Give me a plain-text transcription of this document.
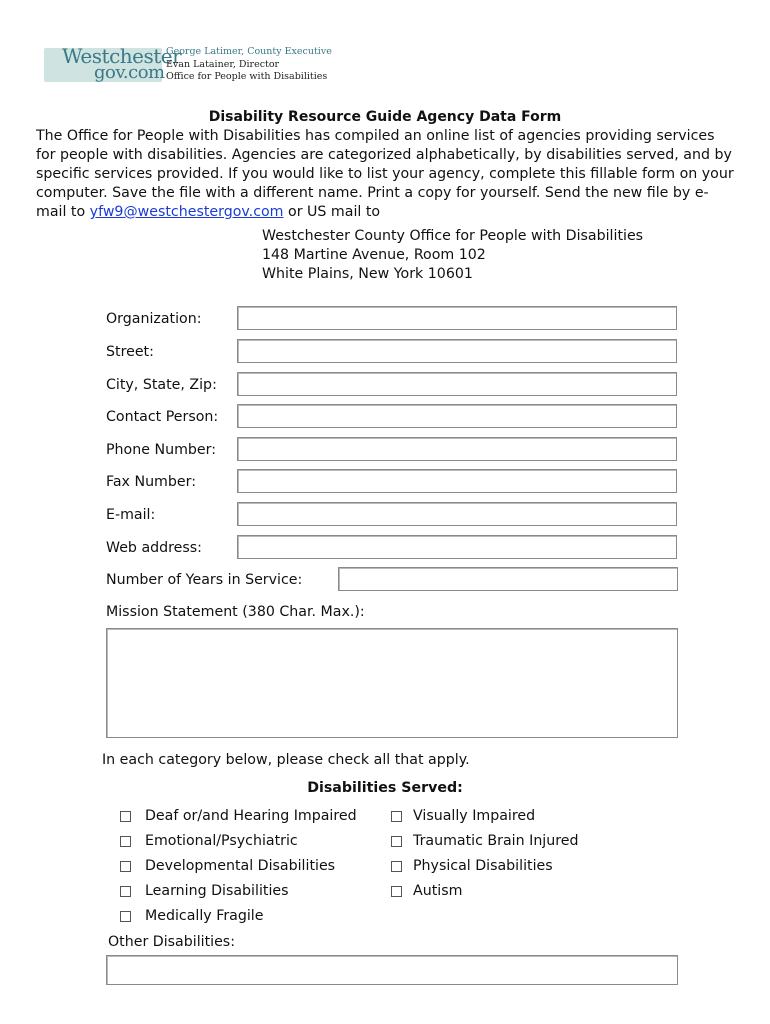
Westchester
gov.com
George Latimer, County Executive
Evan Latainer, Director
Office for People with Disabilities
Disability Resource Guide Agency Data Form
The Office for People with Disabilities has compiled an online list of agencies providing services for people with disabilities. Agencies are categorized alphabetically, by disabilities served, and by specific services provided. If you would like to list your agency, complete this fillable form on your computer. Save the file with a different name. Print a copy for yourself. Send the new file by e-mail to yfw9@westchestergov.com or US mail to
Westchester County Office for People with Disabilities
148 Martine Avenue, Room 102
White Plains, New York 10601
Organization:
Street:
City, State, Zip:
Contact Person:
Phone Number:
Fax Number:
E-mail:
Web address:
Number of Years in Service:
Mission Statement (380 Char. Max.):
In each category below, please check all that apply.
Disabilities Served:
Deaf or/and Hearing Impaired
Emotional/Psychiatric
Developmental Disabilities
Learning Disabilities
Medically Fragile
Visually Impaired
Traumatic Brain Injured
Physical Disabilities
Autism
Other Disabilities:
